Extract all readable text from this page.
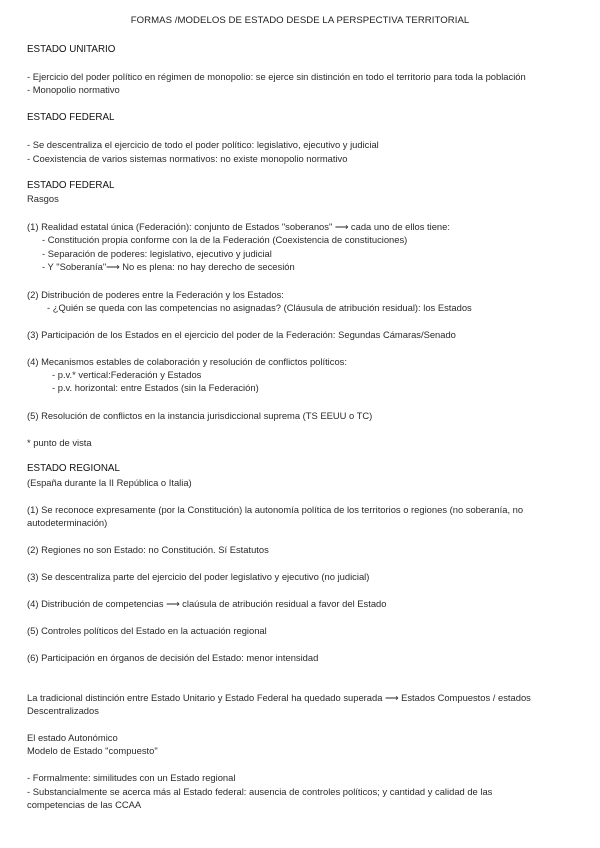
FORMAS /MODELOS DE ESTADO DESDE LA PERSPECTIVA TERRITORIAL
ESTADO UNITARIO
- Ejercicio del poder político en régimen de monopolio: se ejerce sin distinción en todo el territorio para toda la población
- Monopolio normativo
ESTADO FEDERAL
- Se descentraliza el ejercicio de todo el poder político: legislativo, ejecutivo y judicial
- Coexistencia de varios sistemas normativos: no existe monopolio normativo
ESTADO FEDERAL
Rasgos
(1) Realidad estatal única (Federación): conjunto de Estados "soberanos" ⟶ cada uno de ellos tiene:
- Constitución propia conforme con la de la Federación (Coexistencia de constituciones)
- Separación de poderes: legislativo, ejecutivo y judicial
- Y "Soberanía"⟶ No es plena: no hay derecho de secesión
(2) Distribución de poderes entre la Federación y los Estados:
- ¿Quién se queda con las competencias no asignadas? (Cláusula de atribución residual): los Estados
(3) Participación de los Estados en el ejercicio del poder de la Federación: Segundas Cámaras/Senado
(4) Mecanismos estables de colaboración y resolución de conflictos políticos:
- p.v.* vertical:Federación y Estados
- p.v. horizontal: entre Estados (sin la Federación)
(5) Resolución de conflictos en la instancia jurisdiccional suprema (TS EEUU o TC)
* punto de vista
ESTADO REGIONAL
(España durante la II República o Italia)
(1) Se reconoce expresamente (por la Constitución) la autonomía política de los territorios o regiones (no soberanía, no
autodeterminación)
(2) Regiones no son Estado: no Constitución. Sí Estatutos
(3) Se descentraliza parte del ejercicio del poder legislativo y ejecutivo (no judicial)
(4) Distribución de competencias ⟶ claúsula de atribución residual a favor del Estado
(5) Controles políticos del Estado en la actuación regional
(6) Participación en órganos de decisión del Estado: menor intensidad
La tradicional distinción entre Estado Unitario y Estado Federal ha quedado superada ⟶ Estados Compuestos / estados
Descentralizados
El estado Autonómico
Modelo de Estado "compuesto"
- Formalmente: similitudes con un Estado regional
- Substancialmente se acerca más al Estado federal: ausencia de controles políticos; y cantidad y calidad de las
competencias de las CCAA
